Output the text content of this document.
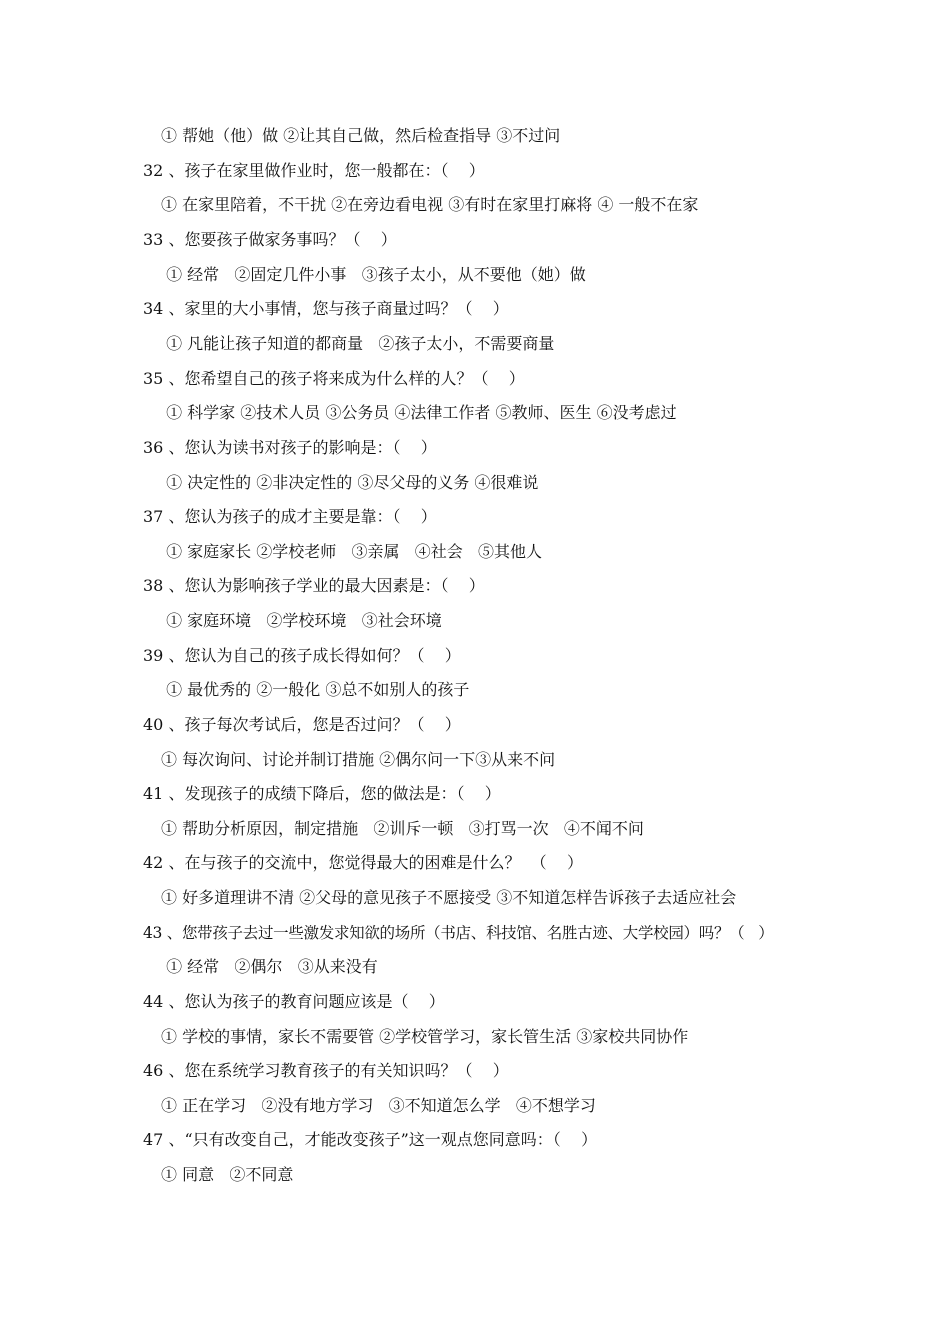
① 帮她（他）做 ②让其自己做，然后检查指导 ③不过问
32 、孩子在家里做作业时，您一般都在：（    ）
① 在家里陪着，不干扰 ②在旁边看电视 ③有时在家里打麻将 ④ 一般不在家
33 、您要孩子做家务事吗？（    ）
① 经常   ②固定几件小事   ③孩子太小，从不要他（她）做
34 、家里的大小事情，您与孩子商量过吗？（    ）
① 凡能让孩子知道的都商量   ②孩子太小，不需要商量
35 、您希望自己的孩子将来成为什么样的人？（    ）
① 科学家 ②技术人员 ③公务员 ④法律工作者 ⑤教师、医生 ⑥没考虑过
36 、您认为读书对孩子的影响是：（    ）
① 决定性的 ②非决定性的 ③尽父母的义务 ④很难说
37 、您认为孩子的成才主要是靠：（    ）
① 家庭家长 ②学校老师   ③亲属   ④社会   ⑤其他人
38 、您认为影响孩子学业的最大因素是：（    ）
① 家庭环境   ②学校环境   ③社会环境
39 、您认为自己的孩子成长得如何？（    ）
① 最优秀的 ②一般化 ③总不如别人的孩子
40 、孩子每次考试后，您是否过问？（    ）
① 每次询问、讨论并制订措施 ②偶尔问一下③从来不问
41 、发现孩子的成绩下降后，您的做法是：（    ）
① 帮助分析原因，制定措施   ②训斥一顿   ③打骂一次   ④不闻不问
42 、在与孩子的交流中，您觉得最大的困难是什么？  （    ）
① 好多道理讲不清 ②父母的意见孩子不愿接受 ③不知道怎样告诉孩子去适应社会
43 、您带孩子去过一些激发求知欲的场所（书店、科技馆、名胜古迹、大学校园）吗？（   ）
① 经常   ②偶尔   ③从来没有
44 、您认为孩子的教育问题应该是（    ）
① 学校的事情，家长不需要管 ②学校管学习，家长管生活 ③家校共同协作
46 、您在系统学习教育孩子的有关知识吗？（    ）
① 正在学习   ②没有地方学习   ③不知道怎么学   ④不想学习
47 、“只有改变自己，才能改变孩子”这一观点您同意吗：（    ）
① 同意   ②不同意
